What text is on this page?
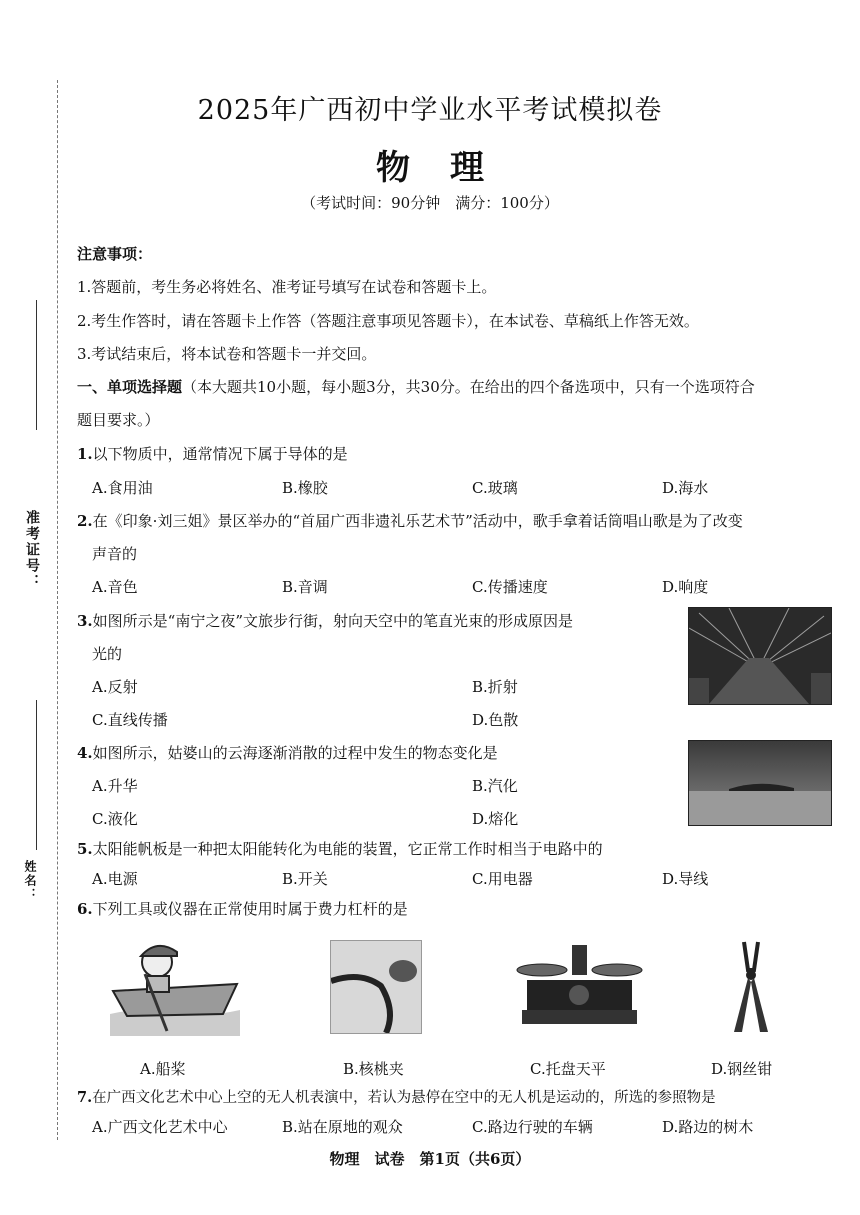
准考证号：
姓名：
2025年广西初中学业水平考试模拟卷
物理
（考试时间：90分钟　满分：100分）
注意事项：
1.答题前，考生务必将姓名、准考证号填写在试卷和答题卡上。
2.考生作答时，请在答题卡上作答（答题注意事项见答题卡），在本试卷、草稿纸上作答无效。
3.考试结束后，将本试卷和答题卡一并交回。
一、单项选择题（本大题共10小题，每小题3分，共30分。在给出的四个备选项中，只有一个选项符合
题目要求。）
1.以下物质中，通常情况下属于导体的是
A.食用油	B.橡胶	C.玻璃	D.海水
2.在《印象·刘三姐》景区举办的“首届广西非遗礼乐艺术节”活动中，歌手拿着话筒唱山歌是为了改变
声音的
A.音色	B.音调	C.传播速度	D.响度
3.如图所示是“南宁之夜”文旅步行街，射向天空中的笔直光束的形成原因是
光的
A.反射	B.折射
C.直线传播	D.色散
4.如图所示，姑婆山的云海逐渐消散的过程中发生的物态变化是
A.升华	B.汽化
C.液化	D.熔化
5.太阳能帆板是一种把太阳能转化为电能的装置，它正常工作时相当于电路中的
A.电源	B.开关	C.用电器	D.导线
6.下列工具或仪器在正常使用时属于费力杠杆的是
A.船桨	B.核桃夹	C.托盘天平	D.钢丝钳
7.在广西文化艺术中心上空的无人机表演中，若认为悬停在空中的无人机是运动的，所选的参照物是
A.广西文化艺术中心	B.站在原地的观众	C.路边行驶的车辆	D.路边的树木
物理　试卷　第1页（共6页）
